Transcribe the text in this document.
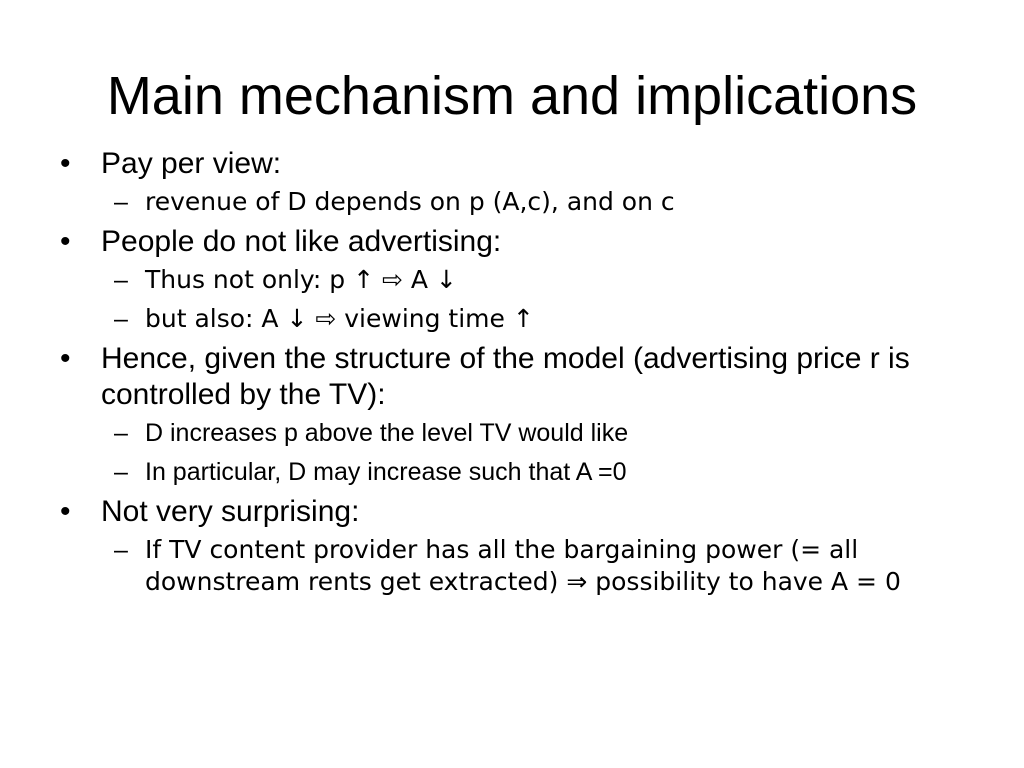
Main mechanism and implications
•	Pay per view:
– revenue of D depends on p (A,c), and on c
•	People do not like advertising:
– Thus not only: p ↑ ⇨ A ↓
– but also: A ↓ ⇨ viewing time ↑
•	Hence, given the structure of the model (advertising price r is controlled by the TV):
– D increases p above the level TV would like
– In particular, D may increase such that A =0
•	Not very surprising:
– If TV content provider has all the bargaining power (= all downstream rents get extracted) ⇒ possibility to have A = 0
